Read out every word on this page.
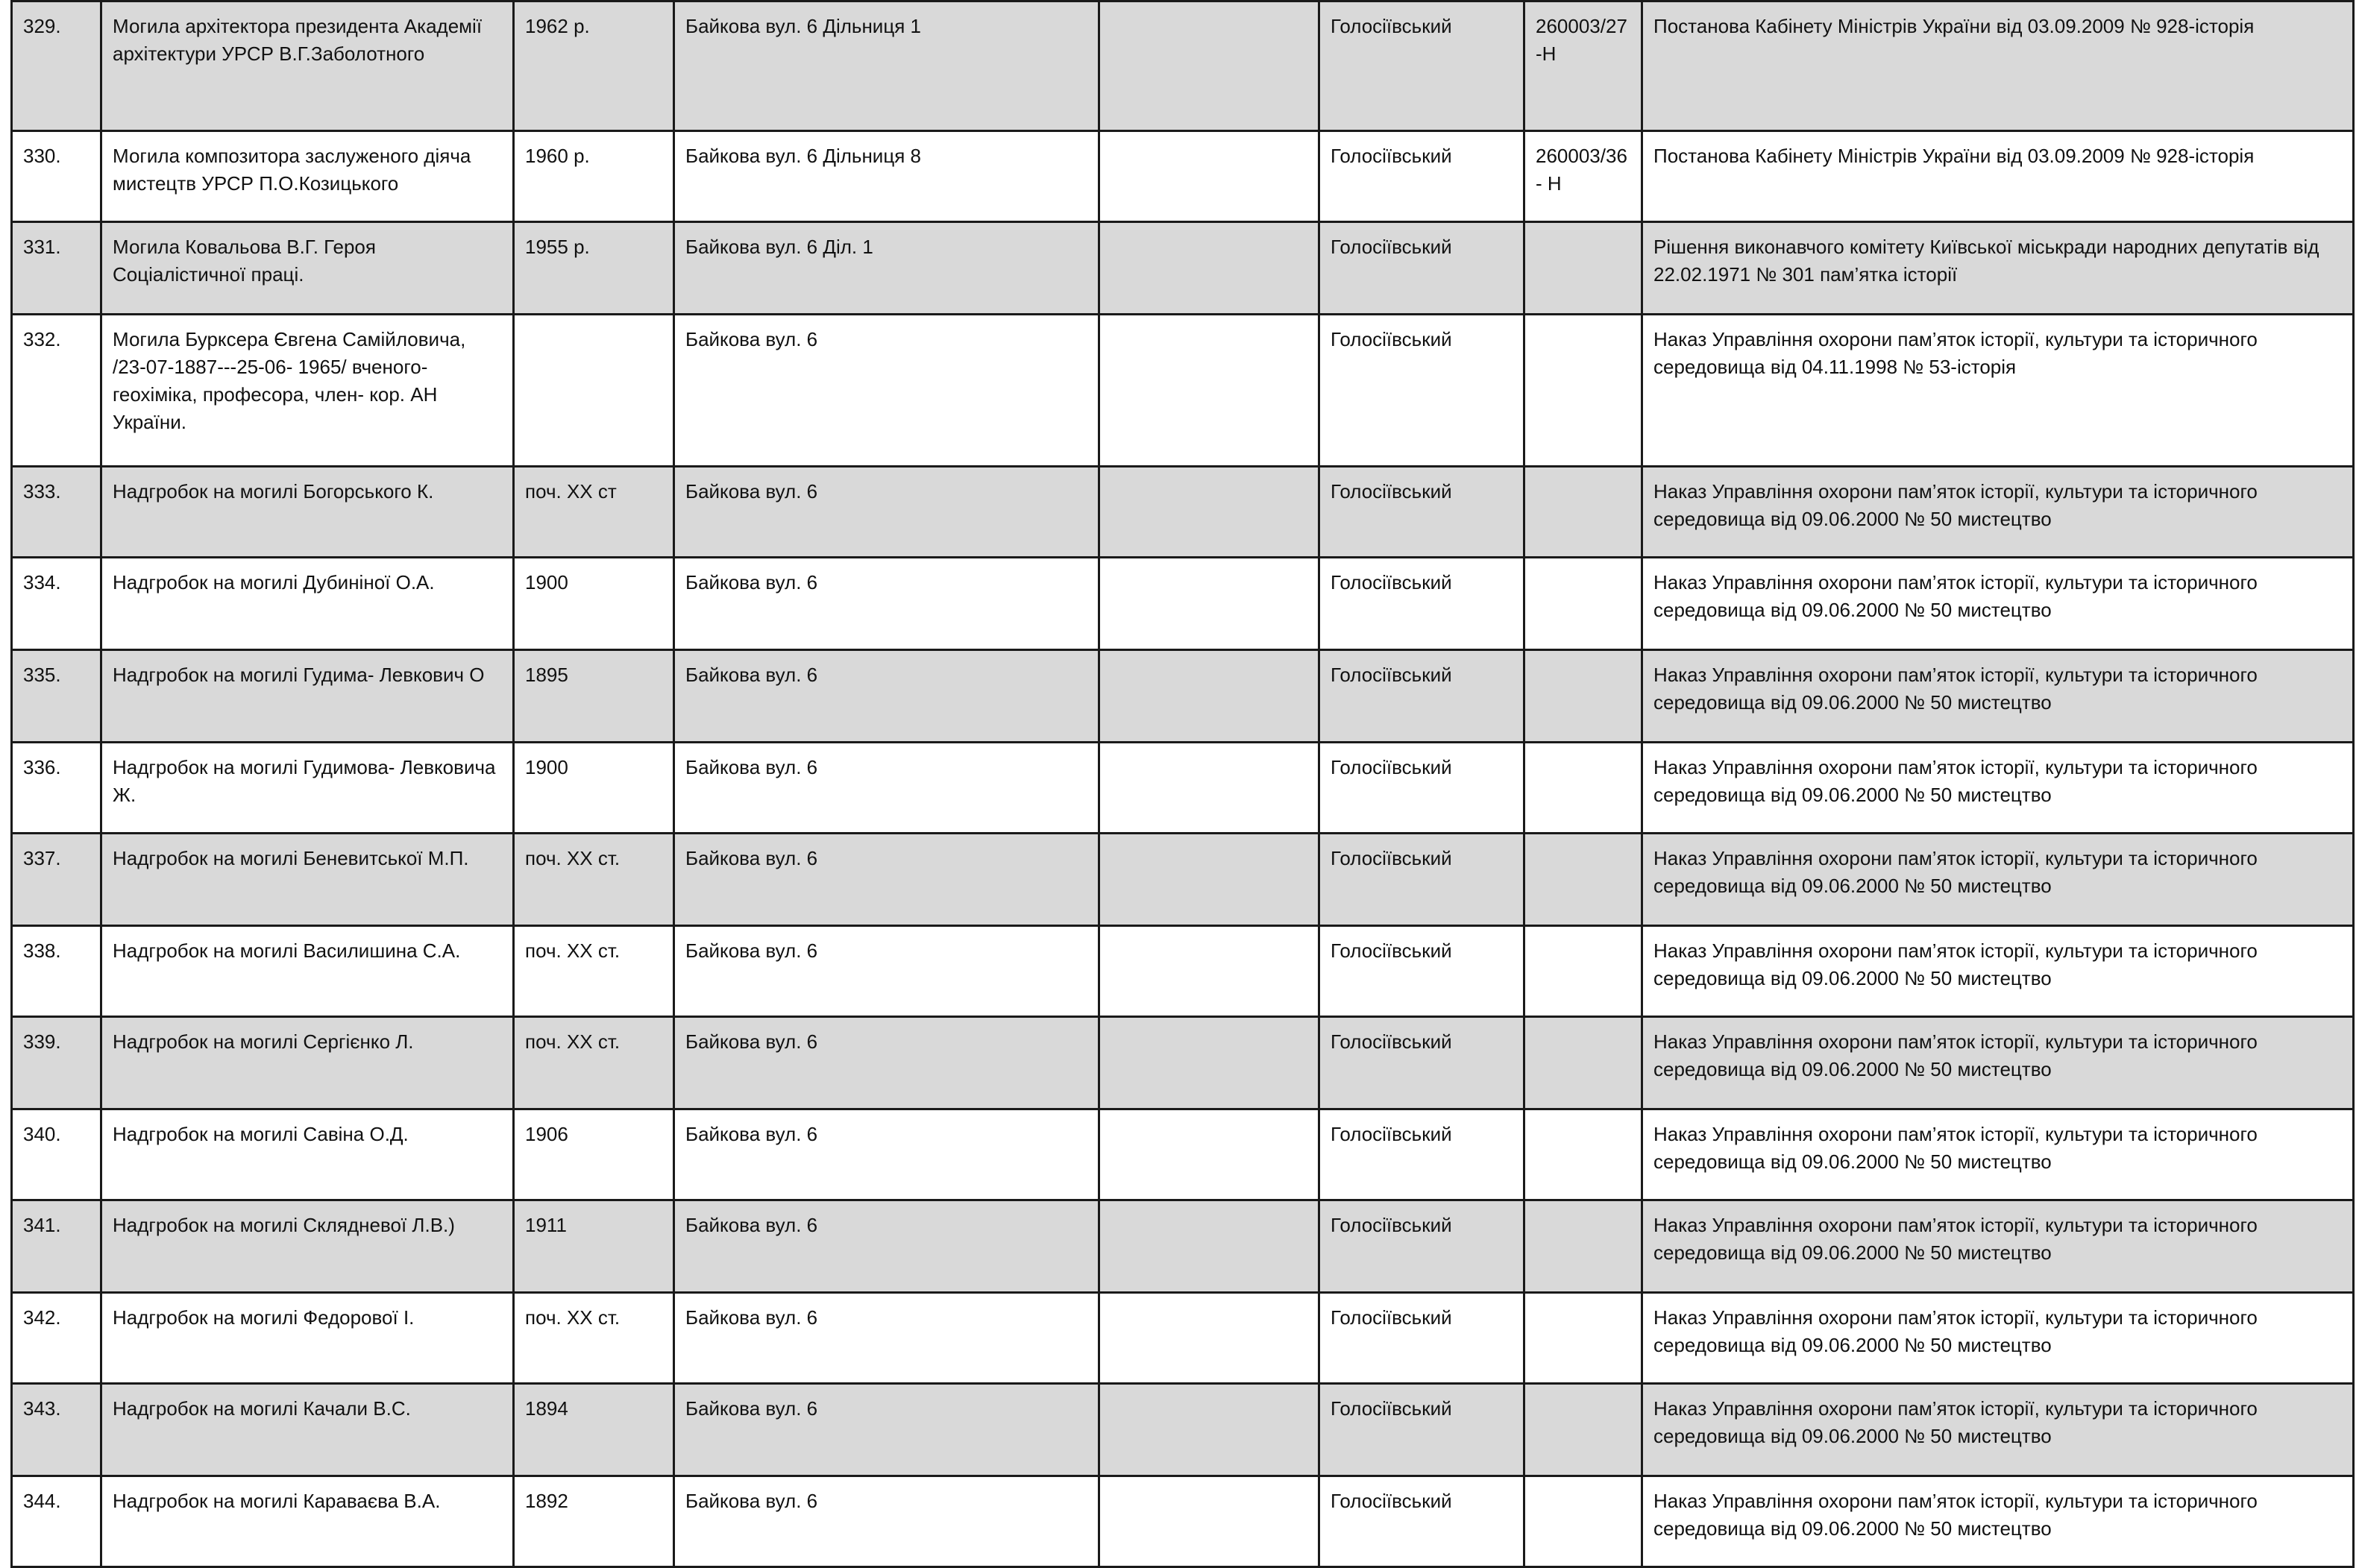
329.	Могила архітектора президента Академії архітектури УРСР В.Г.Заболотного	1962 р.	Байкова вул. 6 Дільниця 1		Голосіївський	260003/27-Н	Постанова Кабінету Міністрів України від 03.09.2009 № 928-історія
330.	Могила композитора заслуженого діяча мистецтв УРСР П.О.Козицького	1960 р.	Байкова вул. 6 Дільниця 8		Голосіївський	260003/36- Н	Постанова Кабінету Міністрів України від 03.09.2009 № 928-історія
331.	Могила Ковальова В.Г. Героя Соціалістичної праці.	1955 р.	Байкова вул. 6 Діл. 1		Голосіївський		Рішення виконавчого комітету Київської міськради народних депутатів від 22.02.1971 № 301 пам’ятка історії
332.	Могила Бурксера Євгена Самійловича, /23-07-1887---25-06- 1965/ вченого-геохіміка, професора, член- кор. АН України.		Байкова вул. 6		Голосіївський		Наказ Управління охорони пам’яток історії, культури та історичного середовища від 04.11.1998 № 53-історія
333.	Надгробок на могилі Богорського К.	поч. ХХ ст	Байкова вул. 6		Голосіївський		Наказ Управління охорони пам’яток історії, культури та історичного середовища від 09.06.2000 № 50 мистецтво
334.	Надгробок на могилі Дубиніної О.А.	1900	Байкова вул. 6		Голосіївський		Наказ Управління охорони пам’яток історії, культури та історичного середовища від 09.06.2000 № 50 мистецтво
335.	Надгробок на могилі Гудима- Левкович О	1895	Байкова вул. 6		Голосіївський		Наказ Управління охорони пам’яток історії, культури та історичного середовища від 09.06.2000 № 50 мистецтво
336.	Надгробок на могилі Гудимова- Левковича Ж.	1900	Байкова вул. 6		Голосіївський		Наказ Управління охорони пам’яток історії, культури та історичного середовища від 09.06.2000 № 50 мистецтво
337.	Надгробок на могилі Беневитської М.П.	поч. ХХ ст.	Байкова вул. 6		Голосіївський		Наказ Управління охорони пам’яток історії, культури та історичного середовища від 09.06.2000 № 50 мистецтво
338.	Надгробок на могилі Василишина С.А.	поч. ХХ ст.	Байкова вул. 6		Голосіївський		Наказ Управління охорони пам’яток історії, культури та історичного середовища від 09.06.2000 № 50 мистецтво
339.	Надгробок на могилі Сергієнко Л.	поч. ХХ ст.	Байкова вул. 6		Голосіївський		Наказ Управління охорони пам’яток історії, культури та історичного середовища від 09.06.2000 № 50 мистецтво
340.	Надгробок на могилі Савіна О.Д.	1906	Байкова вул. 6		Голосіївський		Наказ Управління охорони пам’яток історії, культури та історичного середовища від 09.06.2000 № 50 мистецтво
341.	Надгробок на могилі Склядневої Л.В.)	1911	Байкова вул. 6		Голосіївський		Наказ Управління охорони пам’яток історії, культури та історичного середовища від 09.06.2000 № 50 мистецтво
342.	Надгробок на могилі Федорової І.	поч. ХХ ст.	Байкова вул. 6		Голосіївський		Наказ Управління охорони пам’яток історії, культури та історичного середовища від 09.06.2000 № 50 мистецтво
343.	Надгробок на могилі Качали В.С.	1894	Байкова вул. 6		Голосіївський		Наказ Управління охорони пам’яток історії, культури та історичного середовища від 09.06.2000 № 50 мистецтво
344.	Надгробок на могилі Караваєва В.А.	1892	Байкова вул. 6		Голосіївський		Наказ Управління охорони пам’яток історії, культури та історичного середовища від 09.06.2000 № 50 мистецтво
